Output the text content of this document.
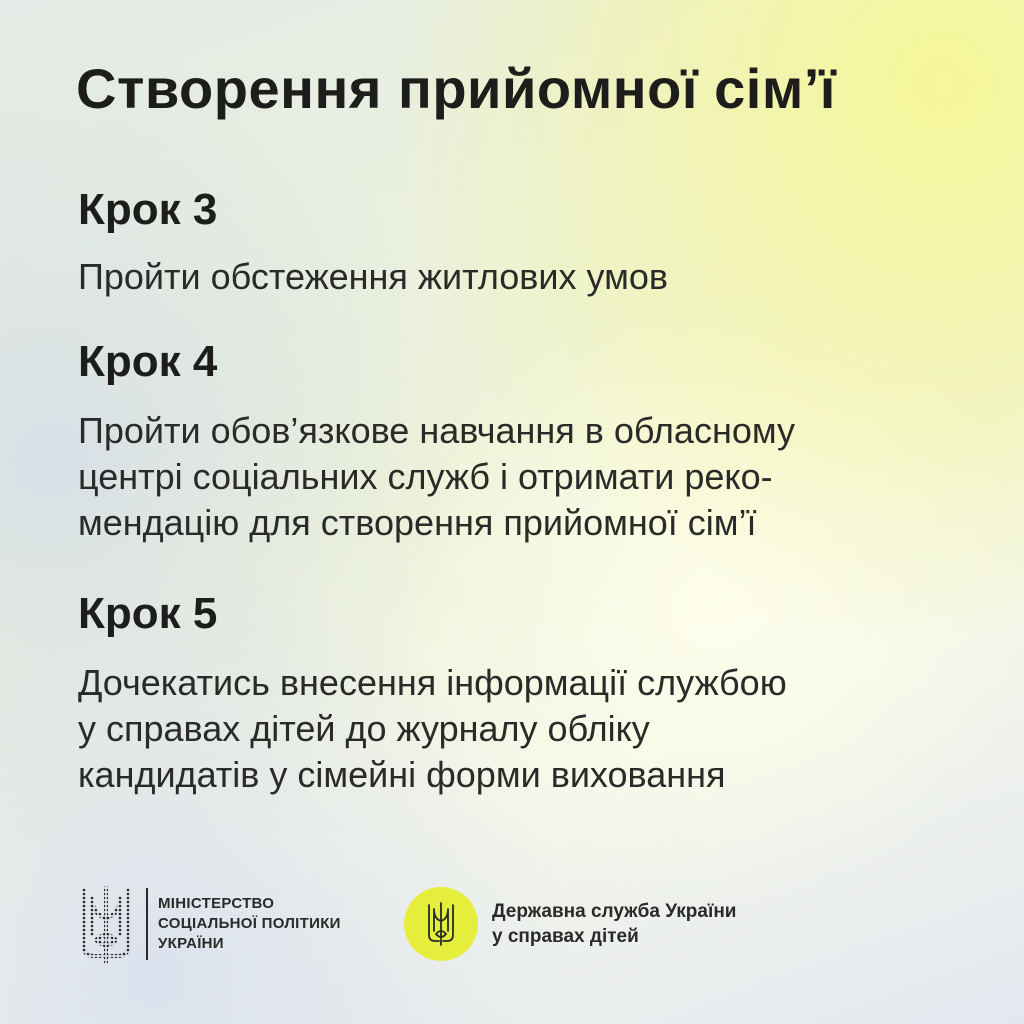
Створення прийомної сім’ї
Крок 3

Пройти обстеження житлових умов

Крок 4

Пройти обов’язкове навчання в обласному
центрі соціальних служб і отримати реко-
мендацію для створення прийомної сім’ї

Крок 5

Дочекатись внесення інформації службою
у справах дітей до журналу обліку
кандидатів у сімейні форми виховання

МІНІСТЕРСТВО
СОЦІАЛЬНОЇ ПОЛІТИКИ
УКРАЇНИ
Державна служба України
у справах дітей
